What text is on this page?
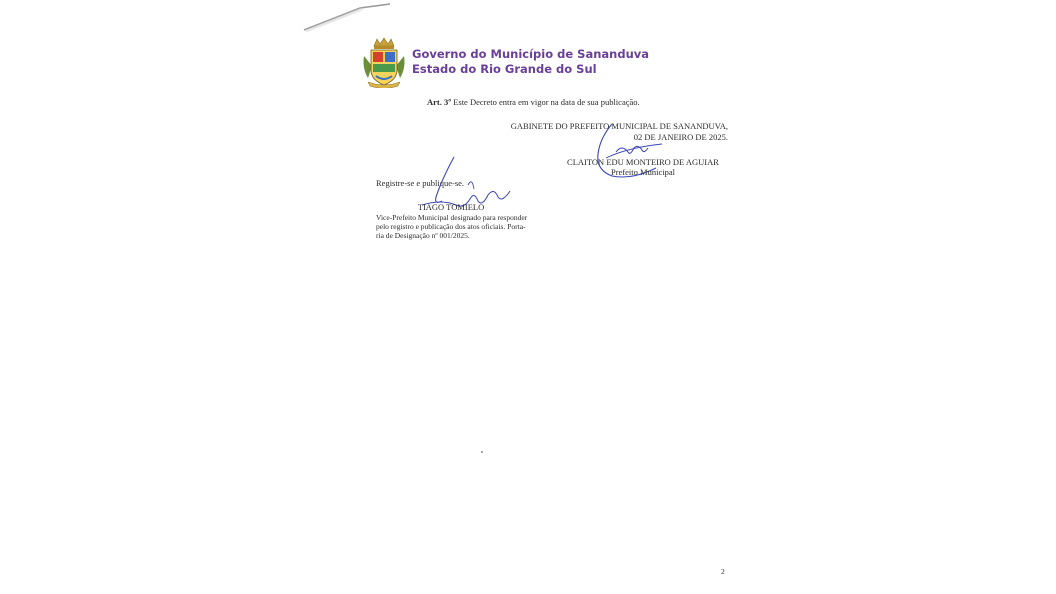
Governo do Município de Sananduva
Estado do Rio Grande do Sul
Art. 3º Este Decreto entra em vigor na data de sua publicação.
GABINETE DO PREFEITO MUNICIPAL DE SANANDUVA,
02 DE JANEIRO DE 2025.
CLAITON EDU MONTEIRO DE AGUIAR
Prefeito Municipal
Registre-se e publique-se.
TIAGO TOMIELO
Vice-Prefeito Municipal designado para responder
pelo registro e publicação dos atos oficiais. Porta-
ria de Designação nº 001/2025.
2
